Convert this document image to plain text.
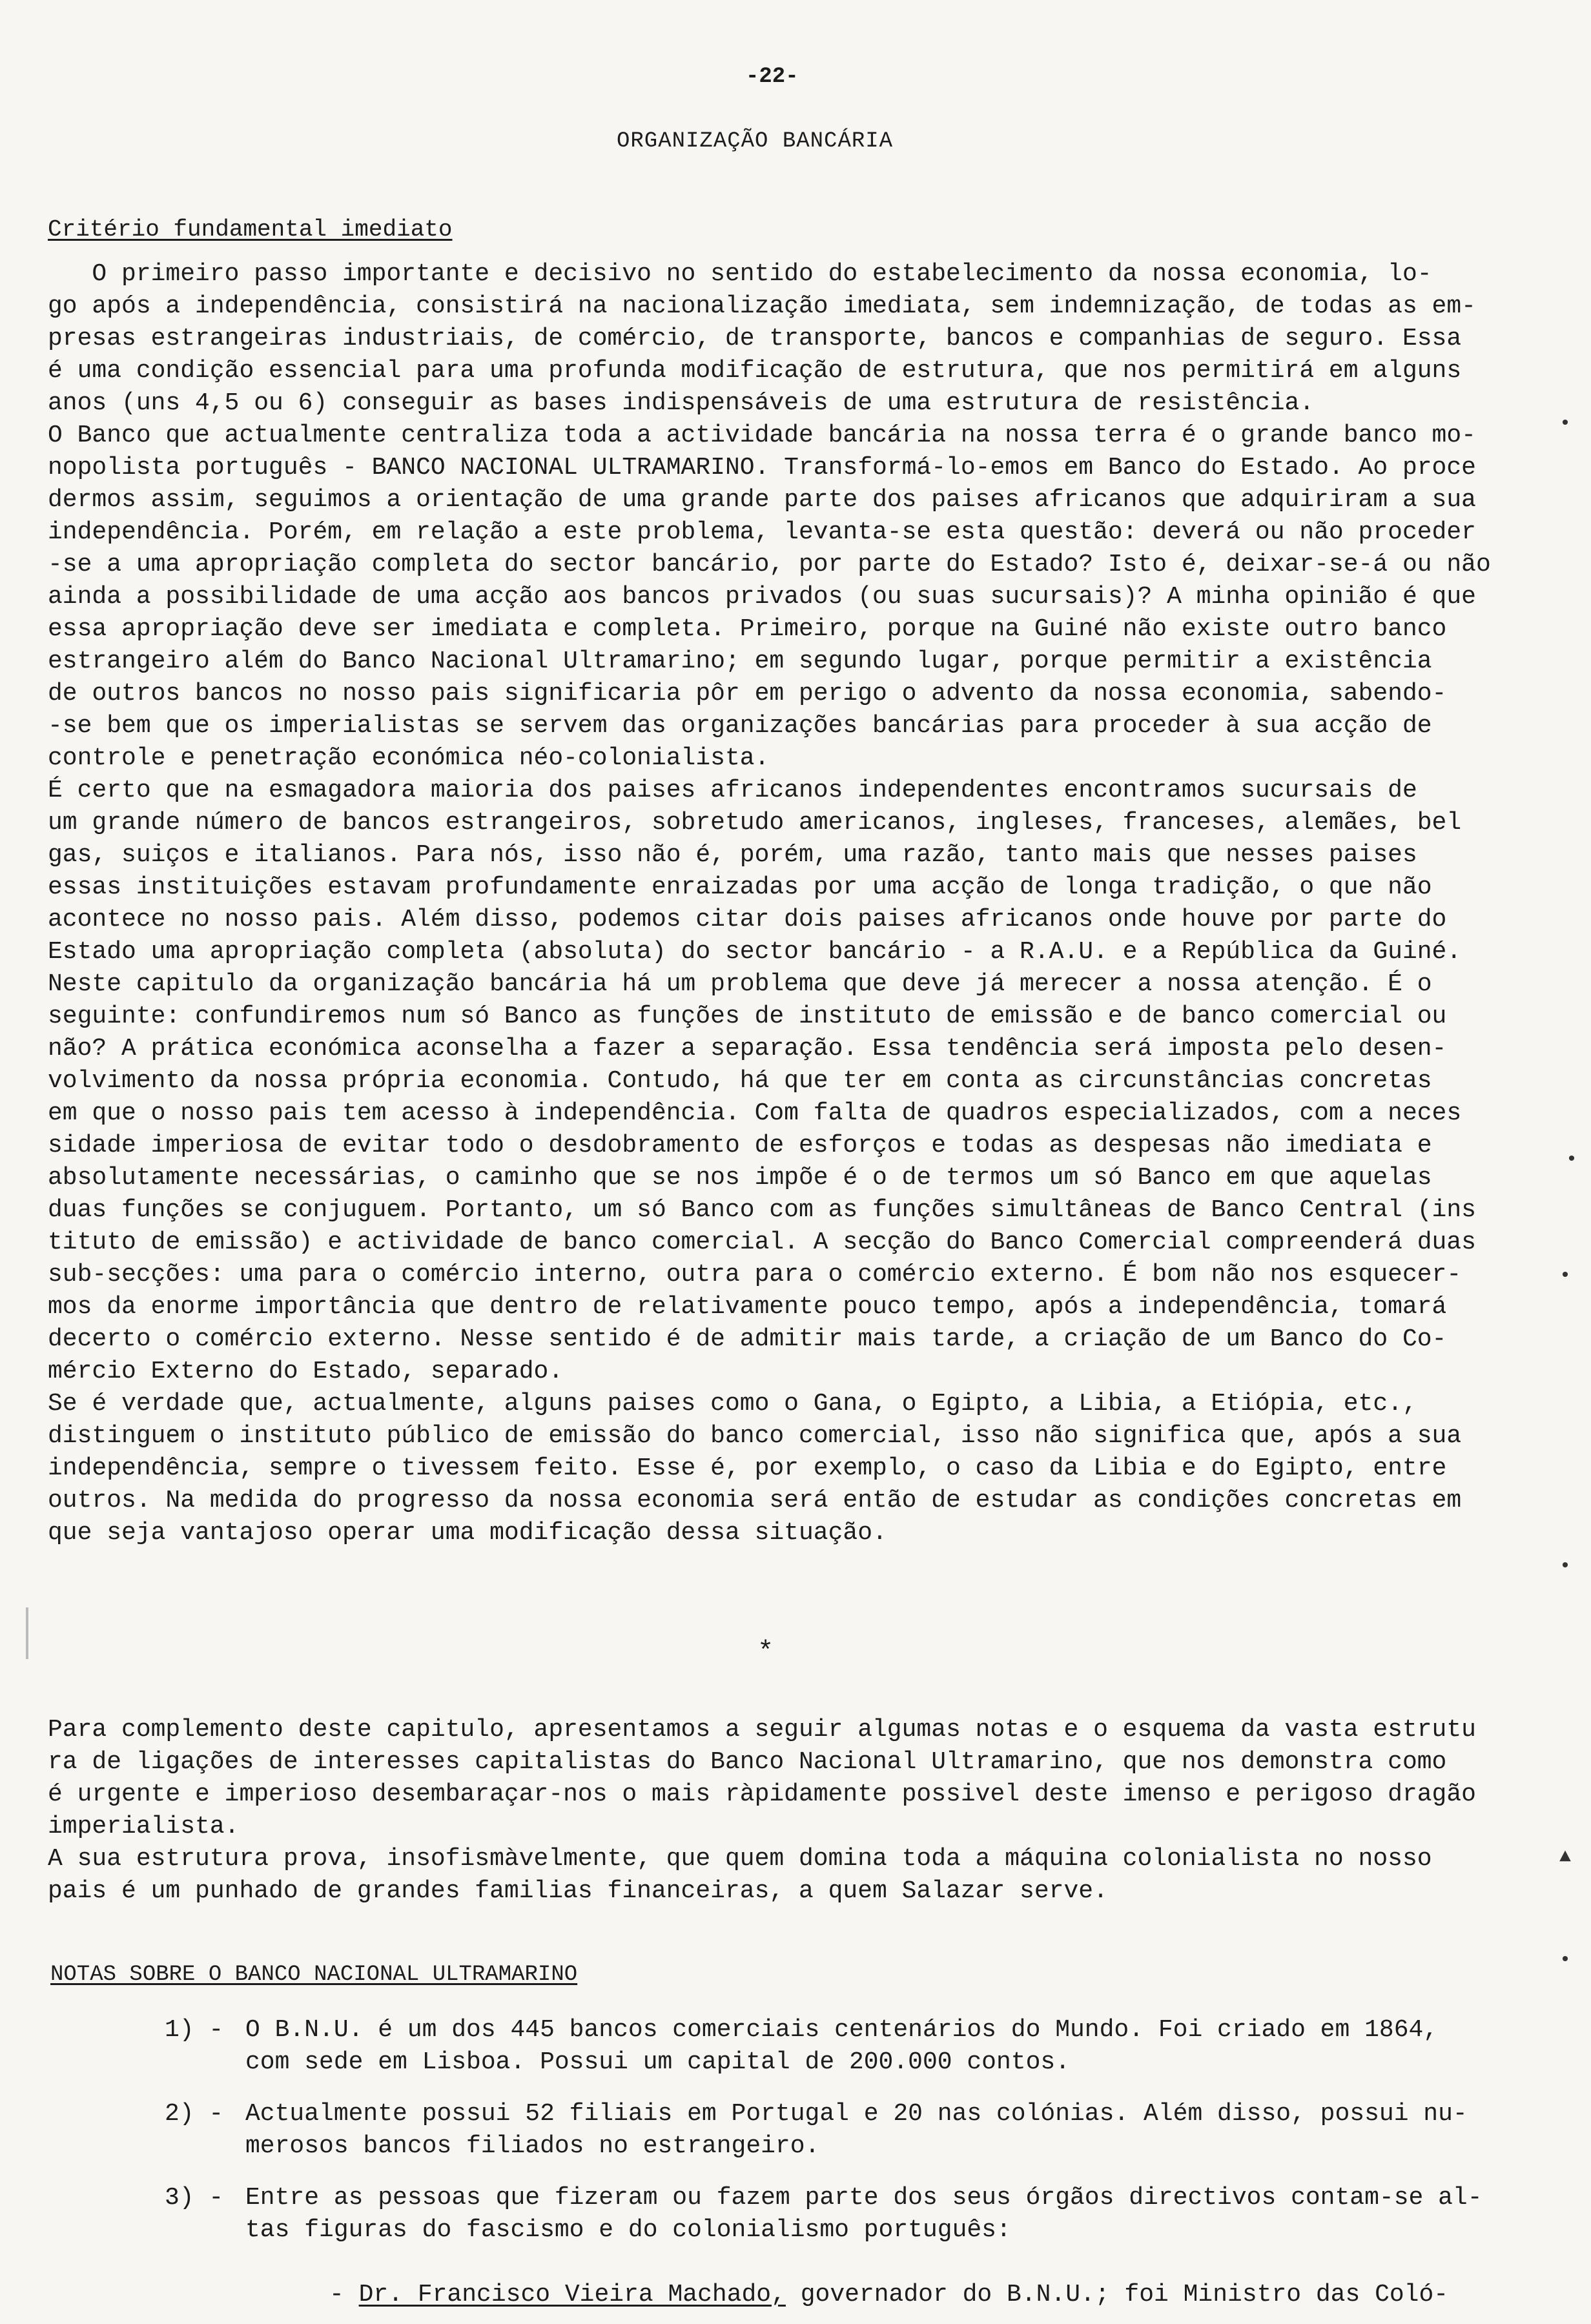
-22-
ORGANIZAÇÃO BANCÁRIA
Critério fundamental imediato
O primeiro passo importante e decisivo no sentido do estabelecimento da nossa economia, lo-
go após a independência, consistirá na nacionalização imediata, sem indemnização, de todas as em-
presas estrangeiras industriais, de comércio, de transporte, bancos e companhias de seguro. Essa
é uma condição essencial para uma profunda modificação de estrutura, que nos permitirá em alguns
anos (uns 4,5 ou 6) conseguir as bases indispensáveis de uma estrutura de resistência.
O Banco que actualmente centraliza toda a actividade bancária na nossa terra é o grande banco mo-
nopolista português - BANCO NACIONAL ULTRAMARINO. Transformá-lo-emos em Banco do Estado. Ao proce
dermos assim, seguimos a orientação de uma grande parte dos paises africanos que adquiriram a sua
independência. Porém, em relação a este problema, levanta-se esta questão: deverá ou não proceder
-se a uma apropriação completa do sector bancário, por parte do Estado? Isto é, deixar-se-á ou não
ainda a possibilidade de uma acção aos bancos privados (ou suas sucursais)? A minha opinião é que
essa apropriação deve ser imediata e completa. Primeiro, porque na Guiné não existe outro banco
estrangeiro além do Banco Nacional Ultramarino; em segundo lugar, porque permitir a existência
de outros bancos no nosso pais significaria pôr em perigo o advento da nossa economia, sabendo-
-se bem que os imperialistas se servem das organizações bancárias para proceder à sua acção de
controle e penetração económica néo-colonialista.
É certo que na esmagadora maioria dos paises africanos independentes encontramos sucursais de
um grande número de bancos estrangeiros, sobretudo americanos, ingleses, franceses, alemães, bel
gas, suiços e italianos. Para nós, isso não é, porém, uma razão, tanto mais que nesses paises
essas instituições estavam profundamente enraizadas por uma acção de longa tradição, o que não
acontece no nosso pais. Além disso, podemos citar dois paises africanos onde houve por parte do
Estado uma apropriação completa (absoluta) do sector bancário - a R.A.U. e a República da Guiné.
Neste capitulo da organização bancária há um problema que deve já merecer a nossa atenção. É o
seguinte: confundiremos num só Banco as funções de instituto de emissão e de banco comercial ou
não? A prática económica aconselha a fazer a separação. Essa tendência será imposta pelo desen-
volvimento da nossa própria economia. Contudo, há que ter em conta as circunstâncias concretas
em que o nosso pais tem acesso à independência. Com falta de quadros especializados, com a neces
sidade imperiosa de evitar todo o desdobramento de esforços e todas as despesas não imediata e
absolutamente necessárias, o caminho que se nos impõe é o de termos um só Banco em que aquelas
duas funções se conjuguem. Portanto, um só Banco com as funções simultâneas de Banco Central (ins
tituto de emissão) e actividade de banco comercial. A secção do Banco Comercial compreenderá duas
sub-secções: uma para o comércio interno, outra para o comércio externo. É bom não nos esquecer-
mos da enorme importância que dentro de relativamente pouco tempo, após a independência, tomará
decerto o comércio externo. Nesse sentido é de admitir mais tarde, a criação de um Banco do Co-
mércio Externo do Estado, separado.
Se é verdade que, actualmente, alguns paises como o Gana, o Egipto, a Libia, a Etiópia, etc.,
distinguem o instituto público de emissão do banco comercial, isso não significa que, após a sua
independência, sempre o tivessem feito. Esse é, por exemplo, o caso da Libia e do Egipto, entre
outros. Na medida do progresso da nossa economia será então de estudar as condições concretas em
que seja vantajoso operar uma modificação dessa situação.
*
Para complemento deste capitulo, apresentamos a seguir algumas notas e o esquema da vasta estrutu
ra de ligações de interesses capitalistas do Banco Nacional Ultramarino, que nos demonstra como
é urgente e imperioso desembaraçar-nos o mais ràpidamente possivel deste imenso e perigoso dragão
imperialista.
A sua estrutura prova, insofismàvelmente, que quem domina toda a máquina colonialista no nosso
pais é um punhado de grandes familias financeiras, a quem Salazar serve.
NOTAS SOBRE O BANCO NACIONAL ULTRAMARINO
1) - O B.N.U. é um dos 445 bancos comerciais centenários do Mundo. Foi criado em 1864,
com sede em Lisboa. Possui um capital de 200.000 contos.
2) - Actualmente possui 52 filiais em Portugal e 20 nas colónias. Além disso, possui nu-
merosos bancos filiados no estrangeiro.
3) - Entre as pessoas que fizeram ou fazem parte dos seus órgãos directivos contam-se al-
tas figuras do fascismo e do colonialismo português:
- Dr. Francisco Vieira Machado, governador do B.N.U.; foi Ministro das Coló-
•
•
•
•
▲
•
